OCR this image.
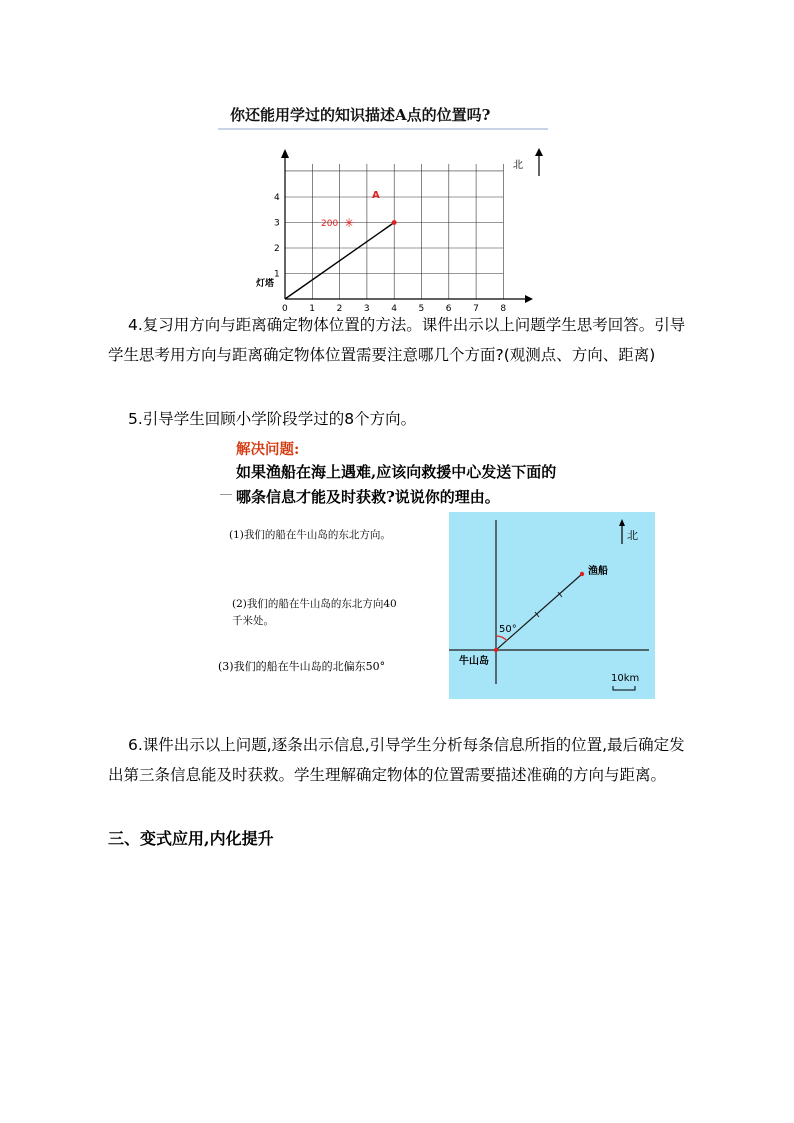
你还能用学过的知识描述A点的位置吗?
北
A
200 ✳
0 1 2 3 4 5 6 7 8
1
2
3
4
灯塔
4.复习用方向与距离确定物体位置的方法。课件出示以上问题学生思考回答。引导学生思考用方向与距离确定物体位置需要注意哪几个方面?(观测点、方向、距离)
5.引导学生回顾小学阶段学过的8个方向。
解决问题:
如果渔船在海上遇难,应该向救援中心发送下面的
哪条信息才能及时获救?说说你的理由。
(1)我们的船在牛山岛的东北方向。
(2)我们的船在牛山岛的东北方向40
千米处。
(3)我们的船在牛山岛的北偏东50°
北
渔船
牛山岛
50°
10km
6.课件出示以上问题,逐条出示信息,引导学生分析每条信息所指的位置,最后确定发出第三条信息能及时获救。学生理解确定物体的位置需要描述准确的方向与距离。
三、变式应用,内化提升
